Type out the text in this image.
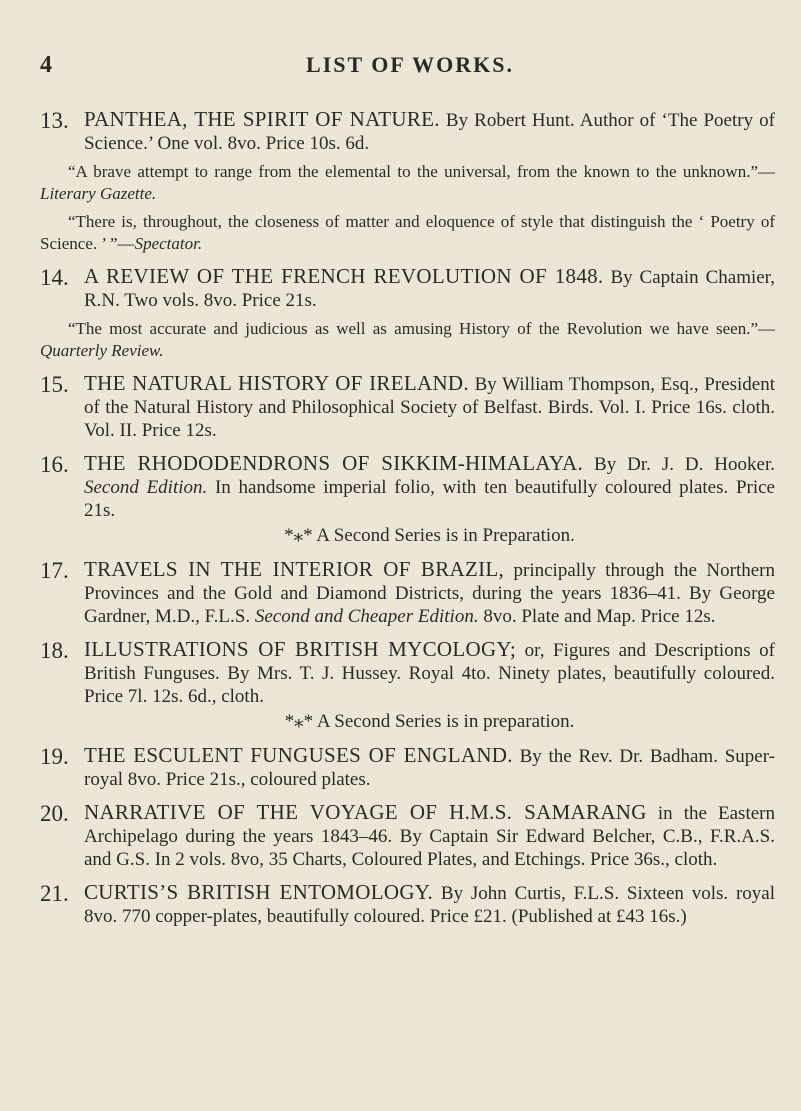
4	LIST OF WORKS.
13. PANTHEA, THE SPIRIT OF NATURE. By Robert Hunt. Author of ‘The Poetry of Science.’ One vol. 8vo. Price 10s. 6d.
“A brave attempt to range from the elemental to the universal, from the known to the unknown.”—Literary Gazette.
“There is, throughout, the closeness of matter and eloquence of style that distinguish the ‘ Poetry of Science. ’ ”—Spectator.
14. A REVIEW OF THE FRENCH REVOLUTION OF 1848. By Captain Chamier, R.N. Two vols. 8vo. Price 21s.
“The most accurate and judicious as well as amusing History of the Revolution we have seen.”—Quarterly Review.
15. THE NATURAL HISTORY OF IRELAND. By William Thompson, Esq., President of the Natural History and Philosophical Society of Belfast. Birds. Vol. I. Price 16s. cloth. Vol. II. Price 12s.
16. THE RHODODENDRONS OF SIKKIM-HIMALAYA. By Dr. J. D. Hooker. Second Edition. In handsome imperial folio, with ten beautifully coloured plates. Price 21s.
*⁎* A Second Series is in Preparation.
17. TRAVELS IN THE INTERIOR OF BRAZIL, principally through the Northern Provinces and the Gold and Diamond Districts, during the years 1836–41. By George Gardner, M.D., F.L.S. Second and Cheaper Edition. 8vo. Plate and Map. Price 12s.
18. ILLUSTRATIONS OF BRITISH MYCOLOGY; or, Figures and Descriptions of British Funguses. By Mrs. T. J. Hussey. Royal 4to. Ninety plates, beautifully coloured. Price 7l. 12s. 6d., cloth.
*⁎* A Second Series is in preparation.
19. THE ESCULENT FUNGUSES OF ENGLAND. By the Rev. Dr. Badham. Super-royal 8vo. Price 21s., coloured plates.
20. NARRATIVE OF THE VOYAGE OF H.M.S. SAMARANG in the Eastern Archipelago during the years 1843–46. By Captain Sir Edward Belcher, C.B., F.R.A.S. and G.S. In 2 vols. 8vo, 35 Charts, Coloured Plates, and Etchings. Price 36s., cloth.
21. CURTIS’S BRITISH ENTOMOLOGY. By John Curtis, F.L.S. Sixteen vols. royal 8vo. 770 copper-plates, beautifully coloured. Price £21. (Published at £43 16s.)
